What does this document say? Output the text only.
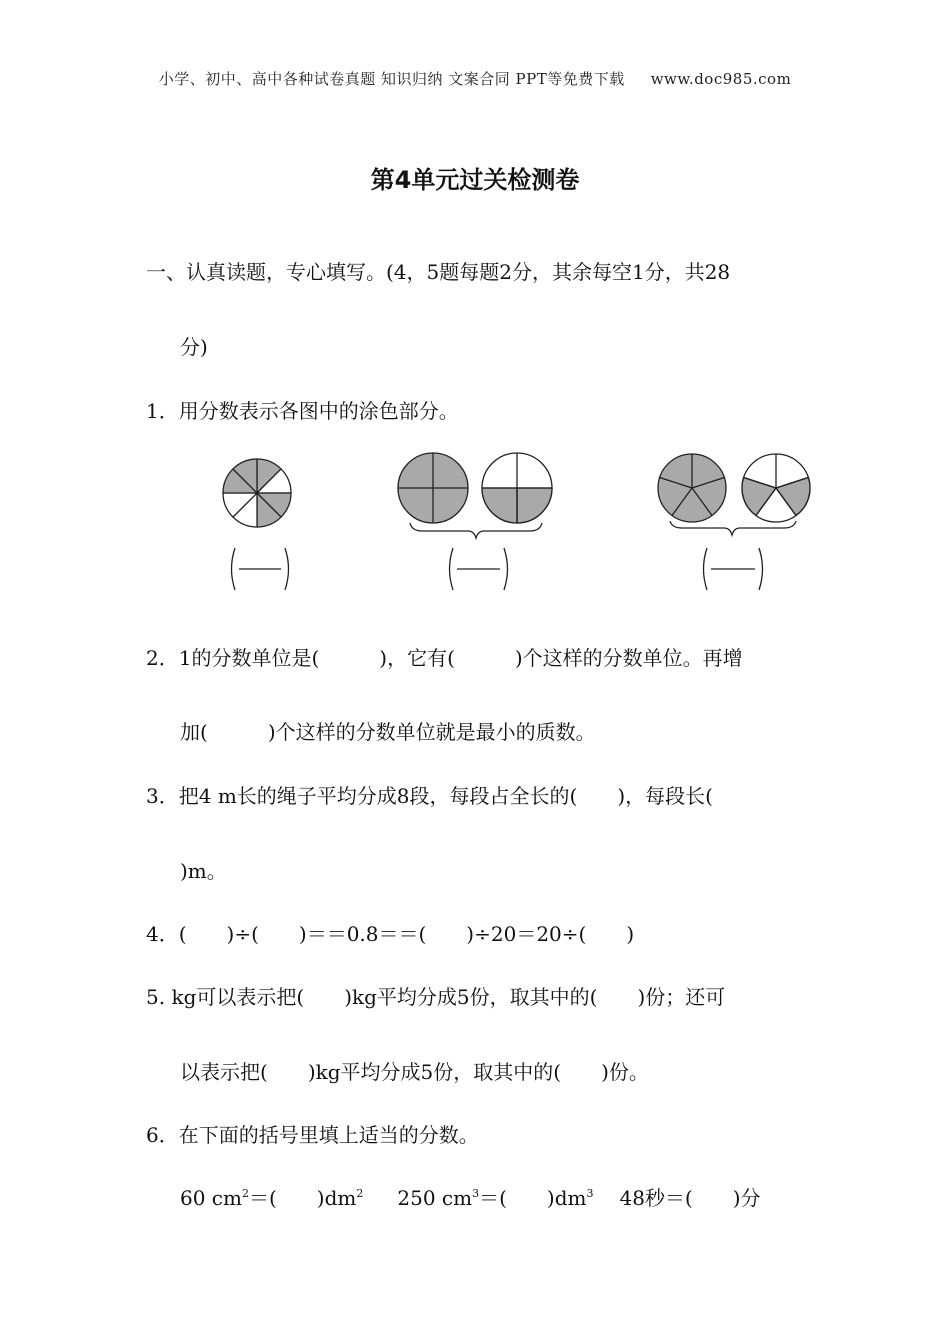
小学、初中、高中各种试卷真题 知识归纳 文案合同 PPT等免费下载 www.doc985.com
第4单元过关检测卷
一、认真读题，专心填写。(4，5题每题2分，其余每空1分，共28
分)
1．用分数表示各图中的涂色部分。
2．1的分数单位是(	)，它有(	)个这样的分数单位。再增
加(	)个这样的分数单位就是最小的质数。
3．把4 m长的绳子平均分成8段，每段占全长的( )，每段长(
)m。
4．(　　)÷(　　)＝＝0.8＝＝(　　)÷20＝20÷(　　)
5. kg可以表示把( )kg平均分成5份，取其中的( )份；还可
以表示把( )kg平均分成5份，取其中的( )份。
6．在下面的括号里填上适当的分数。
60 $cm^2=$( )$dm^2$ 250 $cm^3=$( )$dm^3$ 48秒＝( )分
